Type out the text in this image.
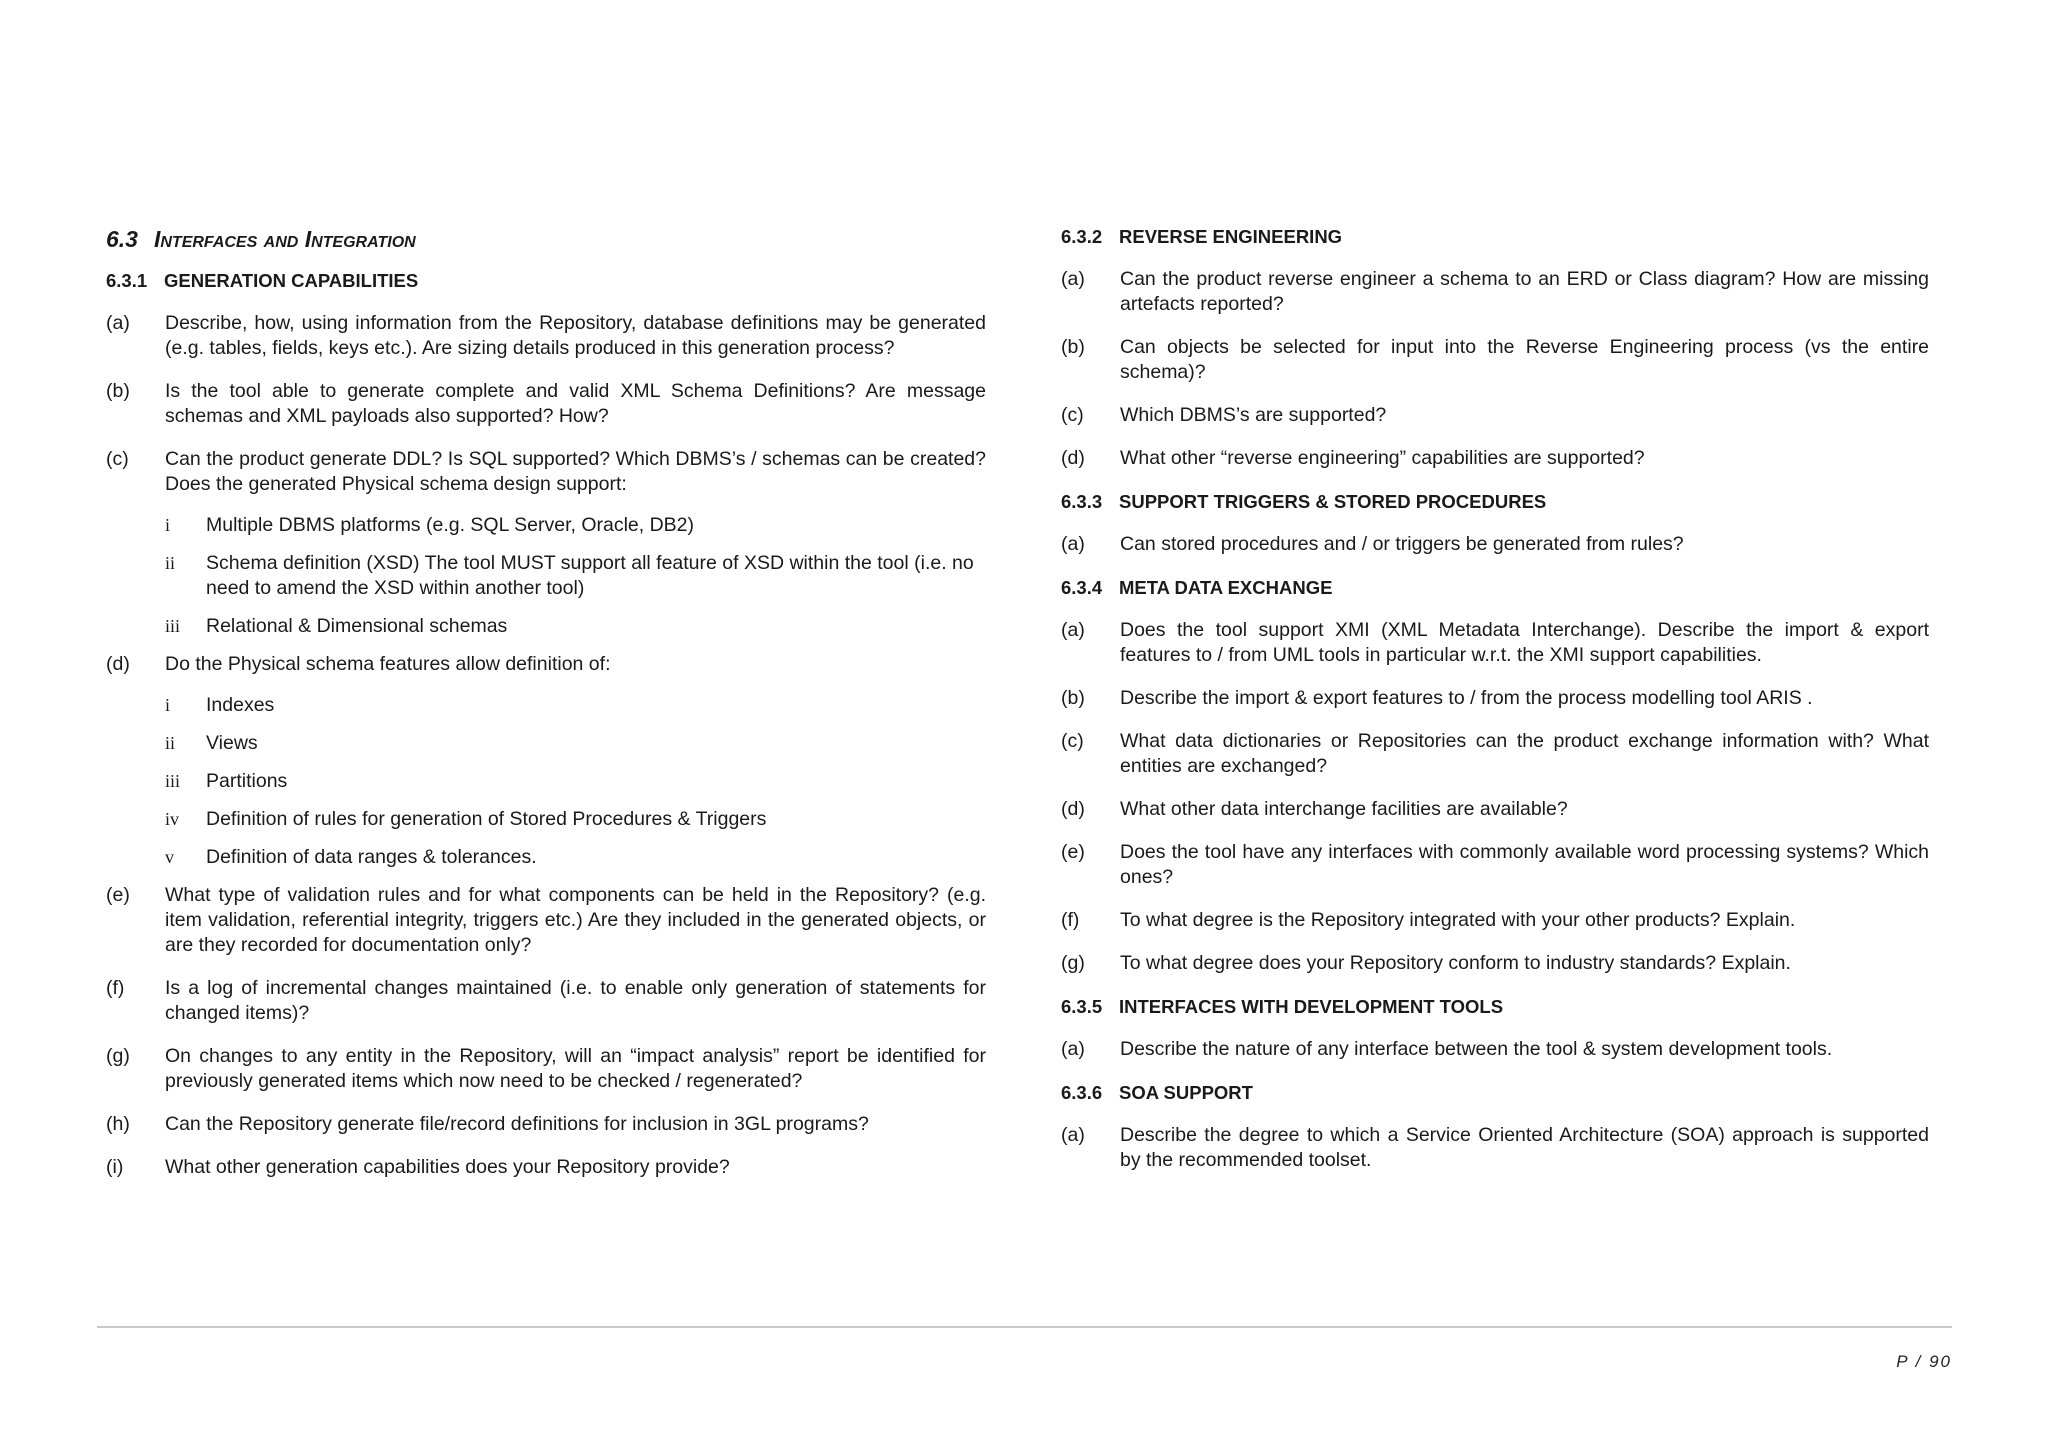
6.3 Interfaces and Integration
6.3.1 GENERATION CAPABILITIES
(a)	Describe, how, using information from the Repository, database definitions may be generated (e.g. tables, fields, keys etc.). Are sizing details produced in this generation process?
(b)	Is the tool able to generate complete and valid XML Schema Definitions? Are message schemas and XML payloads also supported? How?
(c)	Can the product generate DDL? Is SQL supported? Which DBMS’s / schemas can be created? Does the generated Physical schema design support:
i	Multiple DBMS platforms (e.g. SQL Server, Oracle, DB2)
ii	Schema definition (XSD) The tool MUST support all feature of XSD within the tool (i.e. no need to amend the XSD within another tool)
iii	Relational & Dimensional schemas
(d)	Do the Physical schema features allow definition of:
i	Indexes
ii	Views
iii	Partitions
iv	Definition of rules for generation of Stored Procedures & Triggers
v	Definition of data ranges & tolerances.
(e)	What type of validation rules and for what components can be held in the Repository? (e.g. item validation, referential integrity, triggers etc.) Are they included in the generated objects, or are they recorded for documentation only?
(f)	Is a log of incremental changes maintained (i.e. to enable only generation of statements for changed items)?
(g)	On changes to any entity in the Repository, will an “impact analysis” report be identified for previously generated items which now need to be checked / regenerated?
(h)	Can the Repository generate file/record definitions for inclusion in 3GL programs?
(i)	What other generation capabilities does your Repository provide?
6.3.2 REVERSE ENGINEERING
(a)	Can the product reverse engineer a schema to an ERD or Class diagram? How are missing artefacts reported?
(b)	Can objects be selected for input into the Reverse Engineering process (vs the entire schema)?
(c)	Which DBMS’s are supported?
(d)	What other “reverse engineering” capabilities are supported?
6.3.3 SUPPORT TRIGGERS & STORED PROCEDURES
(a)	Can stored procedures and / or triggers be generated from rules?
6.3.4 META DATA EXCHANGE
(a)	Does the tool support XMI (XML Metadata Interchange). Describe the import & export features to / from UML tools in particular w.r.t. the XMI support capabilities.
(b)	Describe the import & export features to / from the process modelling tool ARIS .
(c)	What data dictionaries or Repositories can the product exchange information with? What entities are exchanged?
(d)	What other data interchange facilities are available?
(e)	Does the tool have any interfaces with commonly available word processing systems? Which ones?
(f)	To what degree is the Repository integrated with your other products? Explain.
(g)	To what degree does your Repository conform to industry standards? Explain.
6.3.5 INTERFACES WITH DEVELOPMENT TOOLS
(a)	Describe the nature of any interface between the tool & system development tools.
6.3.6 SOA SUPPORT
(a)	Describe the degree to which a Service Oriented Architecture (SOA) approach is supported by the recommended toolset.
P / 90
